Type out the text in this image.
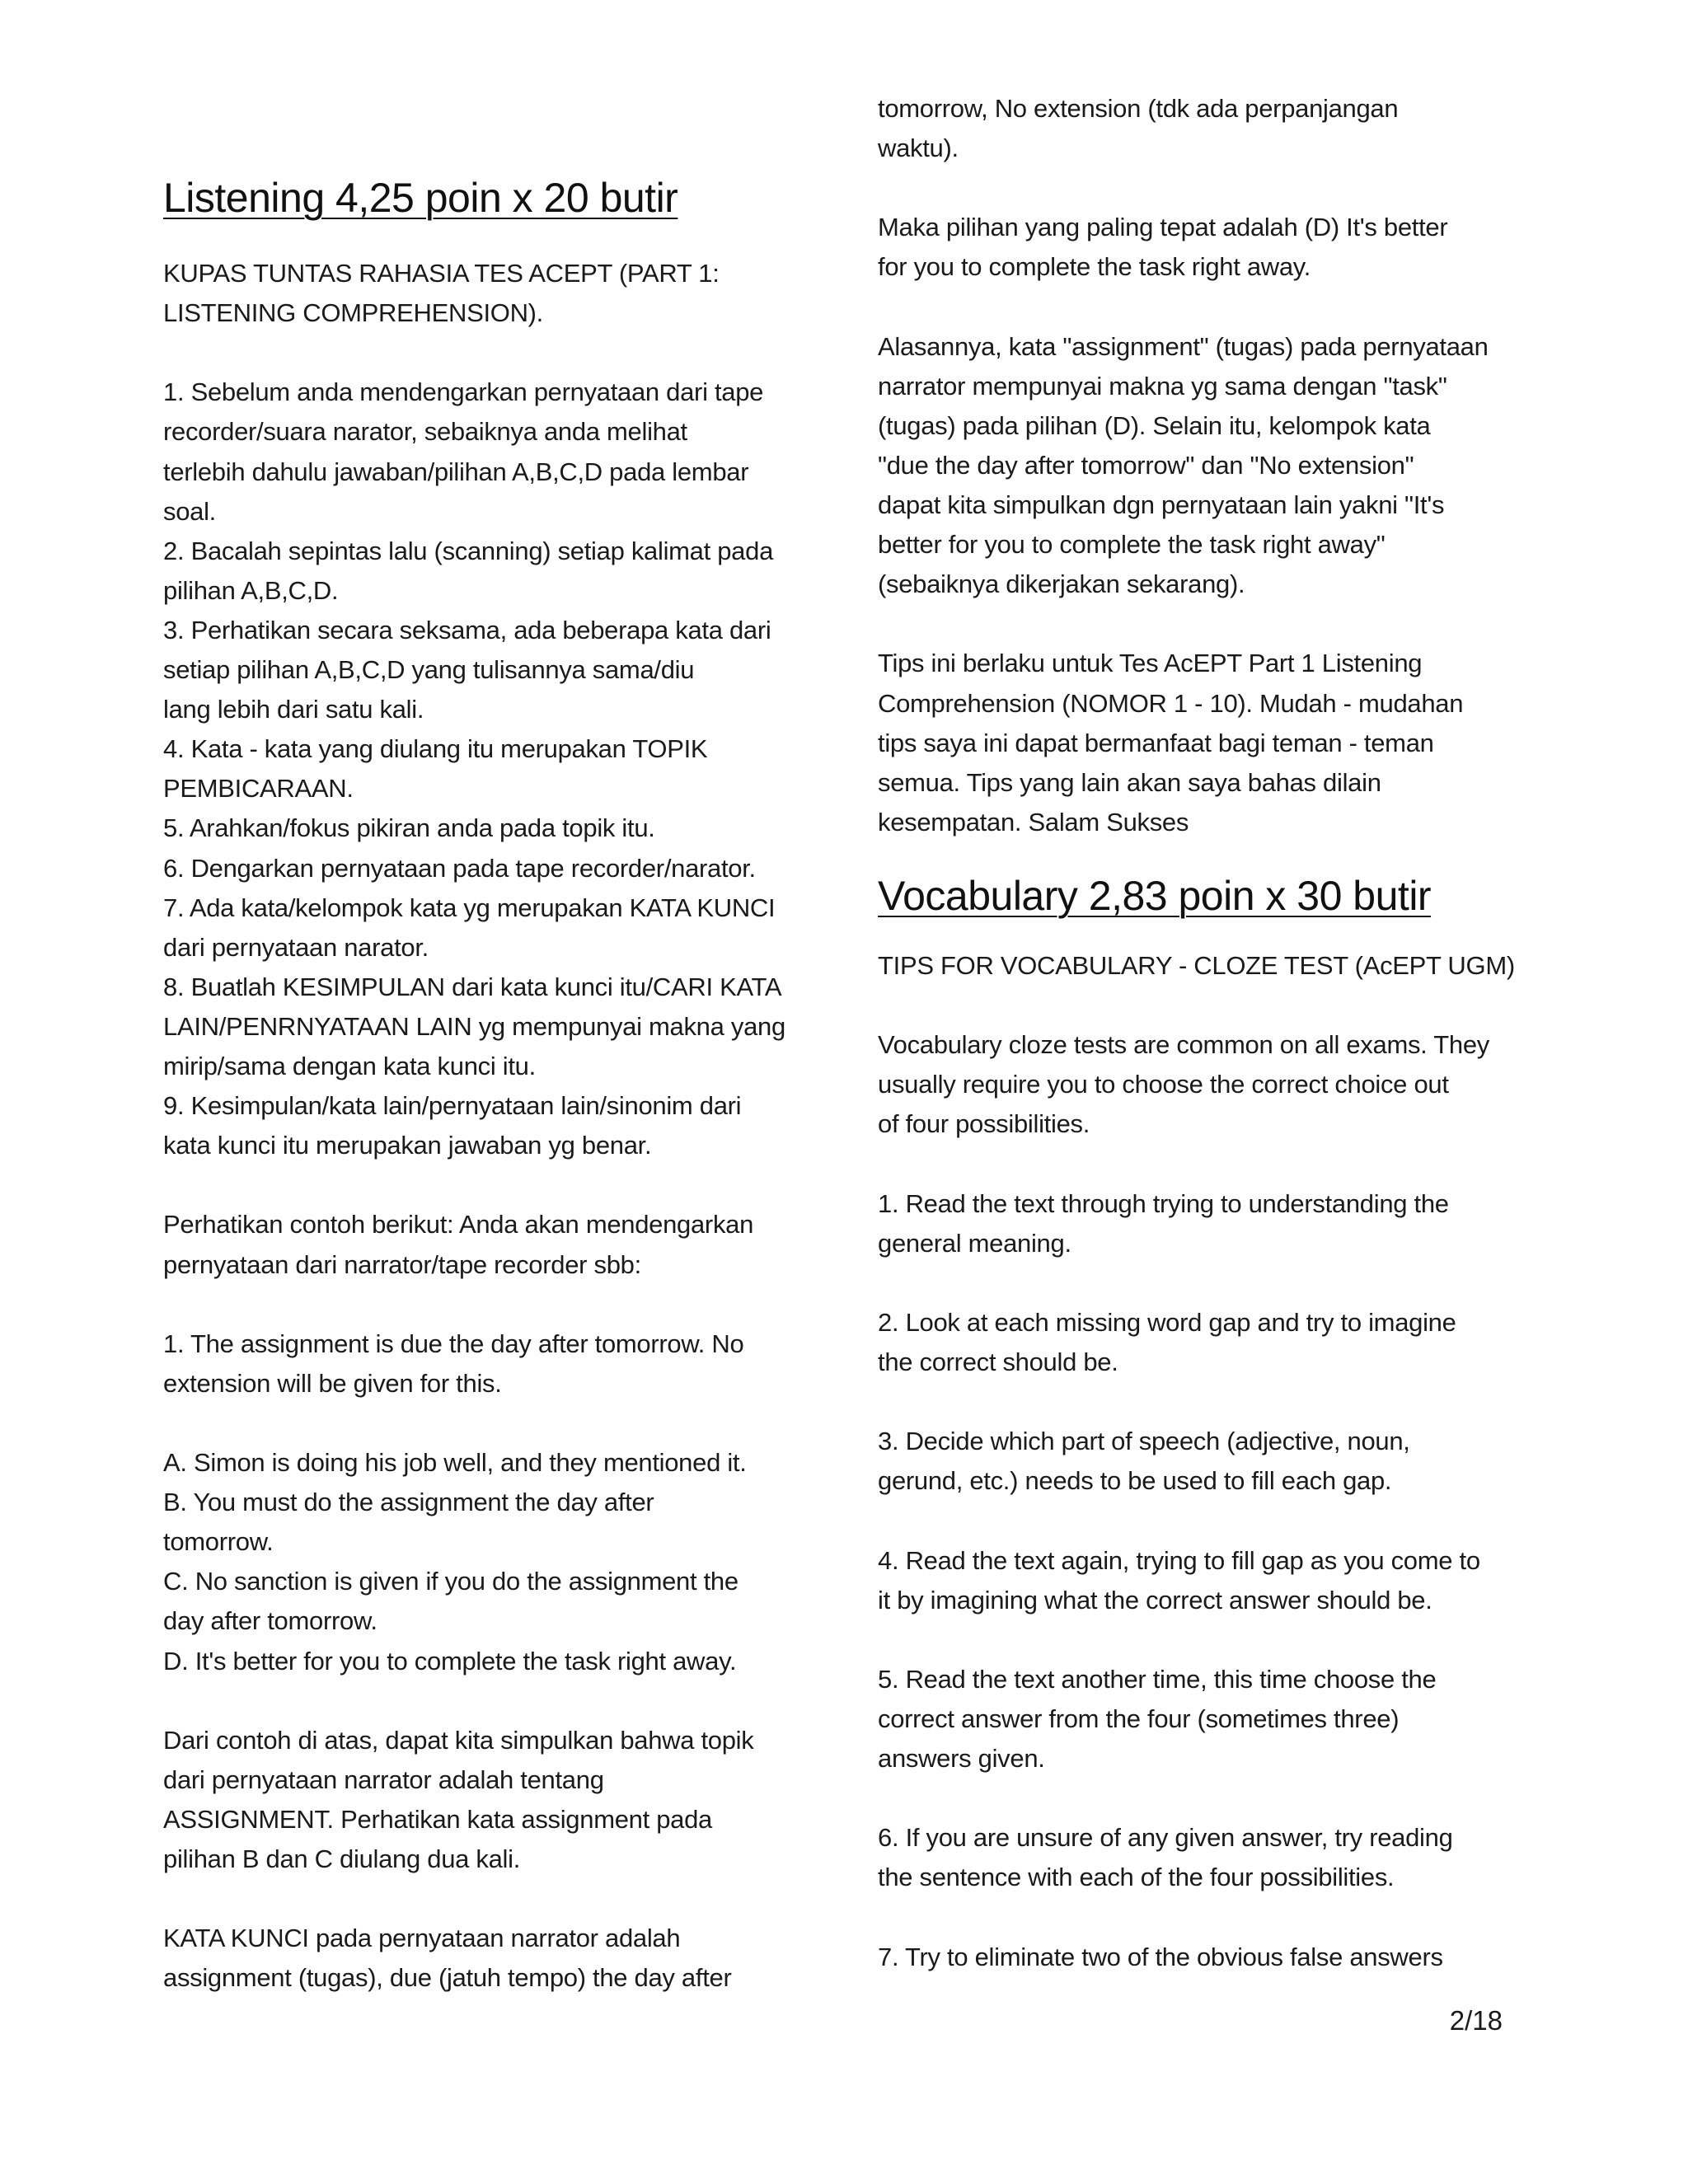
Listening 4,25 poin x 20 butir
KUPAS TUNTAS RAHASIA TES ACEPT (PART 1:
LISTENING COMPREHENSION).
1. Sebelum anda mendengarkan pernyataan dari tape
recorder/suara narator, sebaiknya anda melihat
terlebih dahulu jawaban/pilihan A,B,C,D pada lembar
soal.
2. Bacalah sepintas lalu (scanning) setiap kalimat pada
pilihan A,B,C,D.
3. Perhatikan secara seksama, ada beberapa kata dari
setiap pilihan A,B,C,D yang tulisannya sama/diu
lang lebih dari satu kali.
4. Kata - kata yang diulang itu merupakan TOPIK
PEMBICARAAN.
5. Arahkan/fokus pikiran anda pada topik itu.
6. Dengarkan pernyataan pada tape recorder/narator.
7. Ada kata/kelompok kata yg merupakan KATA KUNCI
dari pernyataan narator.
8. Buatlah KESIMPULAN dari kata kunci itu/CARI KATA
LAIN/PENRNYATAAN LAIN yg mempunyai makna yang
mirip/sama dengan kata kunci itu.
9. Kesimpulan/kata lain/pernyataan lain/sinonim dari
kata kunci itu merupakan jawaban yg benar.
Perhatikan contoh berikut: Anda akan mendengarkan
pernyataan dari narrator/tape recorder sbb:
1. The assignment is due the day after tomorrow. No
extension will be given for this.
A. Simon is doing his job well, and they mentioned it.
B. You must do the assignment the day after
tomorrow.
C. No sanction is given if you do the assignment the
day after tomorrow.
D. It's better for you to complete the task right away.
Dari contoh di atas, dapat kita simpulkan bahwa topik
dari pernyataan narrator adalah tentang
ASSIGNMENT. Perhatikan kata assignment pada
pilihan B dan C diulang dua kali.
KATA KUNCI pada pernyataan narrator adalah
assignment (tugas), due (jatuh tempo) the day after
tomorrow, No extension (tdk ada perpanjangan
waktu).
Maka pilihan yang paling tepat adalah (D) It's better
for you to complete the task right away.
Alasannya, kata "assignment" (tugas) pada pernyataan
narrator mempunyai makna yg sama dengan "task"
(tugas) pada pilihan (D). Selain itu, kelompok kata
"due the day after tomorrow" dan "No extension"
dapat kita simpulkan dgn pernyataan lain yakni "It's
better for you to complete the task right away"
(sebaiknya dikerjakan sekarang).
Tips ini berlaku untuk Tes AcEPT Part 1 Listening
Comprehension (NOMOR 1 - 10). Mudah - mudahan
tips saya ini dapat bermanfaat bagi teman - teman
semua. Tips yang lain akan saya bahas dilain
kesempatan. Salam Sukses
Vocabulary 2,83 poin x 30 butir
TIPS FOR VOCABULARY - CLOZE TEST (AcEPT UGM)
Vocabulary cloze tests are common on all exams. They
usually require you to choose the correct choice out
of four possibilities.
1. Read the text through trying to understanding the
general meaning.
2. Look at each missing word gap and try to imagine
the correct should be.
3. Decide which part of speech (adjective, noun,
gerund, etc.) needs to be used to fill each gap.
4. Read the text again, trying to fill gap as you come to
it by imagining what the correct answer should be.
5. Read the text another time, this time choose the
correct answer from the four (sometimes three)
answers given.
6. If you are unsure of any given answer, try reading
the sentence with each of the four possibilities.
7. Try to eliminate two of the obvious false answers
2/18
